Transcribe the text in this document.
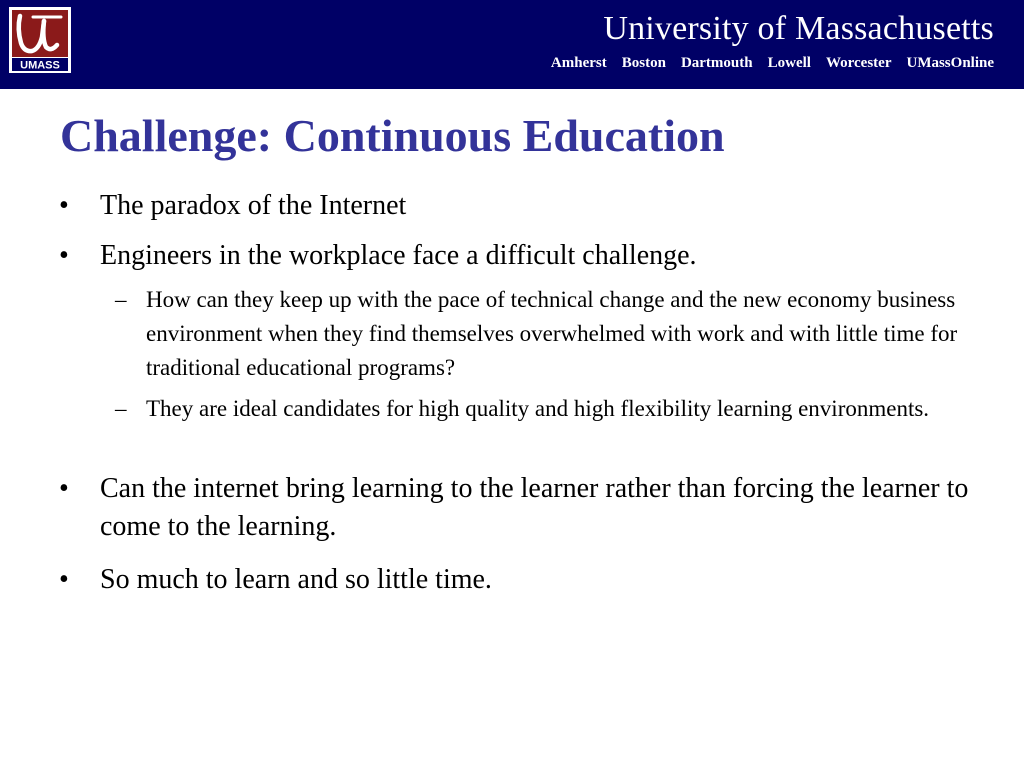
UMASS
University of Massachusetts
Amherst Boston Dartmouth Lowell Worcester UMassOnline
Challenge: Continuous Education
• The paradox of the Internet
• Engineers in the workplace face a difficult challenge.
– How can they keep up with the pace of technical change and the new economy business environment when they find themselves overwhelmed with work and with little time for traditional educational programs?
– They are ideal candidates for high quality and high flexibility learning environments.
• Can the internet bring learning to the learner rather than forcing the learner to come to the learning.
• So much to learn and so little time.
